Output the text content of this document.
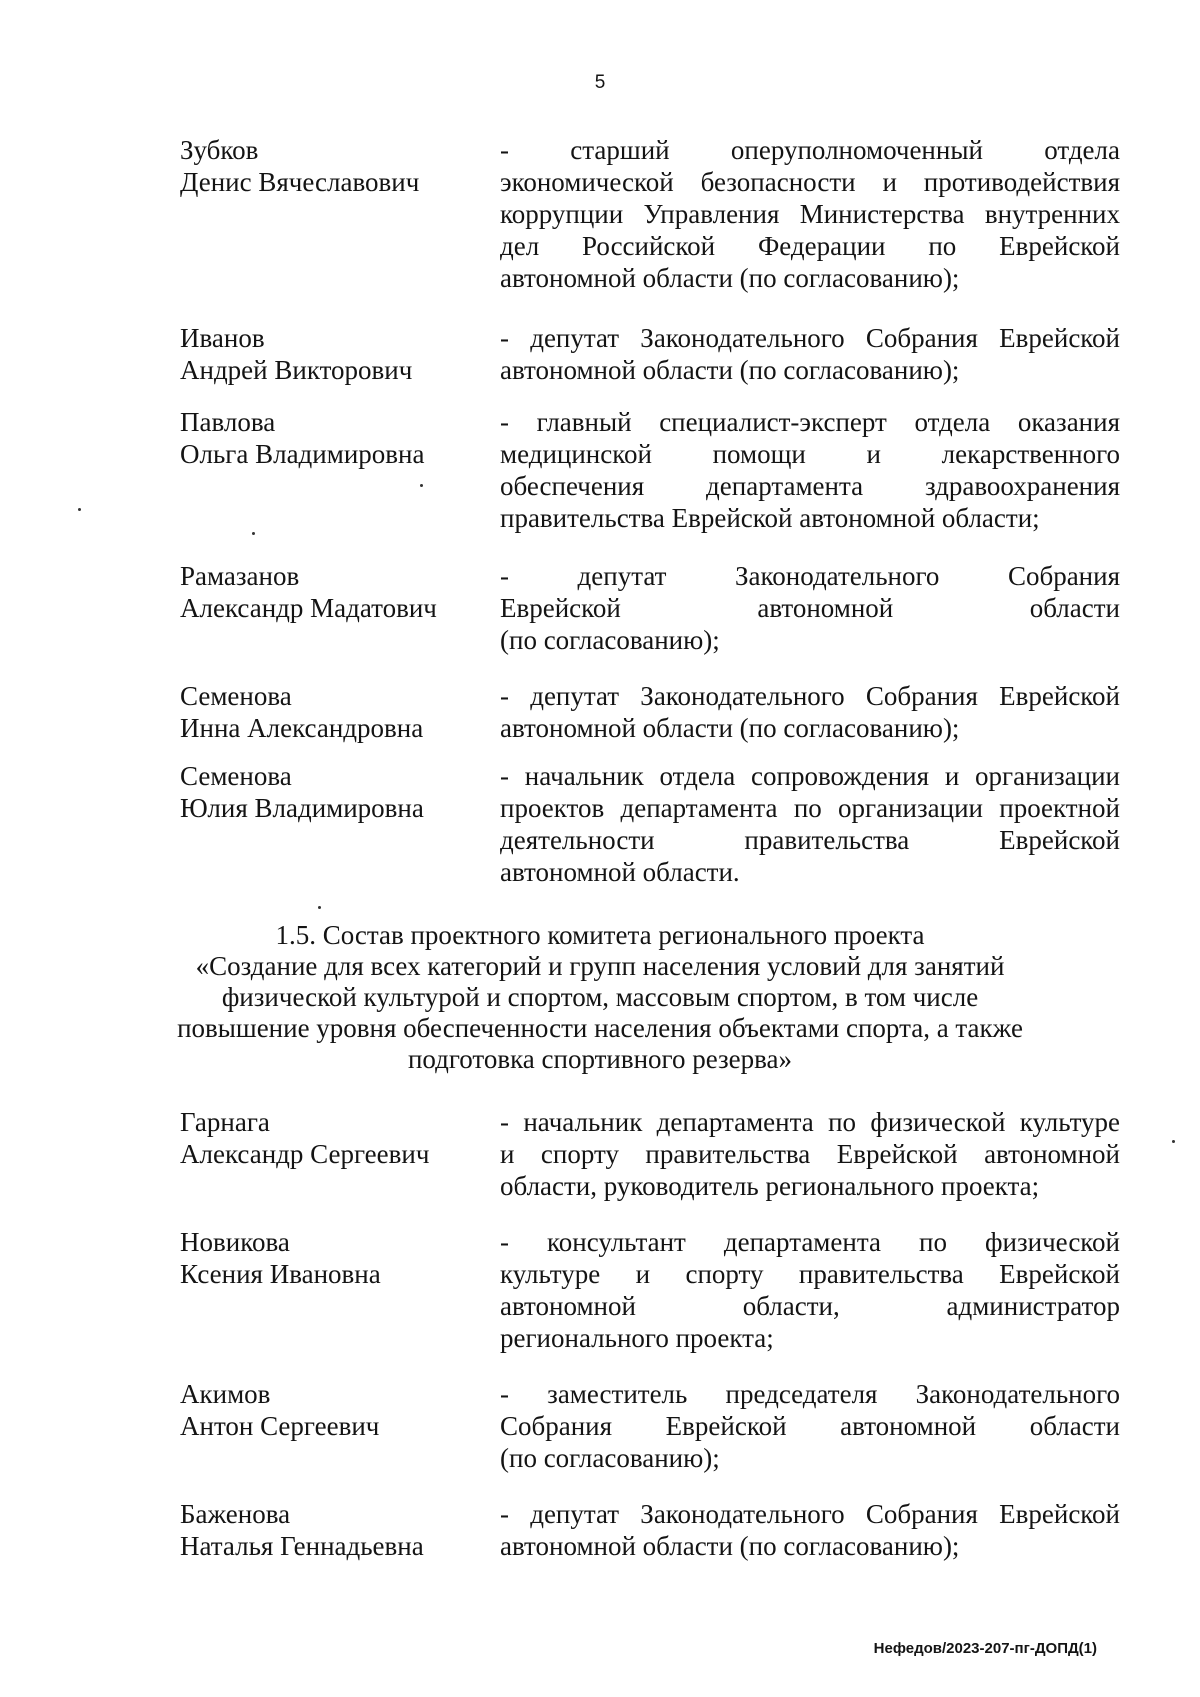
5
Зубков
Денис Вячеславович
- старший оперуполномоченный отдела
экономической безопасности и противодействия
коррупции Управления Министерства внутренних
дел Российской Федерации по Еврейской
автономной области (по согласованию);
Иванов
Андрей Викторович
- депутат Законодательного Собрания Еврейской
автономной области (по согласованию);
Павлова
Ольга Владимировна
- главный специалист-эксперт отдела оказания
медицинской помощи и лекарственного
обеспечения департамента здравоохранения
правительства Еврейской автономной области;
Рамазанов
Александр Мадатович
- депутат Законодательного Собрания
Еврейской автономной области
(по согласованию);
Семенова
Инна Александровна
- депутат Законодательного Собрания Еврейской
автономной области (по согласованию);
Семенова
Юлия Владимировна
- начальник отдела сопровождения и организации
проектов департамента по организации проектной
деятельности правительства Еврейской
автономной области.
1.5. Состав проектного комитета регионального проекта
«Создание для всех категорий и групп населения условий для занятий
физической культурой и спортом, массовым спортом, в том числе
повышение уровня обеспеченности населения объектами спорта, а также
подготовка спортивного резерва»
Гарнага
Александр Сергеевич
- начальник департамента по физической культуре
и спорту правительства Еврейской автономной
области, руководитель регионального проекта;
Новикова
Ксения Ивановна
- консультант департамента по физической
культуре и спорту правительства Еврейской
автономной области, администратор
регионального проекта;
Акимов
Антон Сергеевич
- заместитель председателя Законодательного
Собрания Еврейской автономной области
(по согласованию);
Баженова
Наталья Геннадьевна
- депутат Законодательного Собрания Еврейской
автономной области (по согласованию);
Нефедов/2023-207-пг-ДОПД(1)
